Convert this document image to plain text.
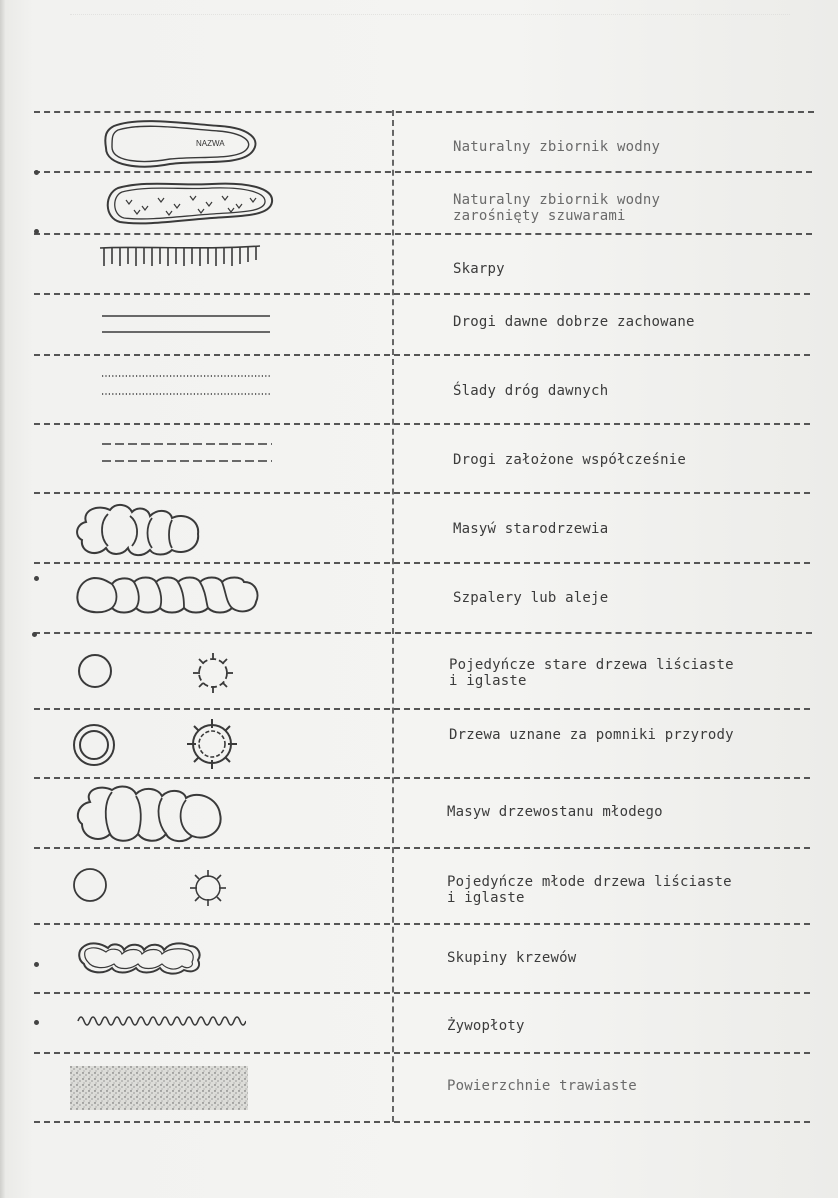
NAZWA	Naturalny zbiornik wodny
Naturalny zbiornik wodny
zarośnięty szuwarami
Skarpy
Drogi dawne dobrze zachowane
Ślady dróg dawnych
Drogi założone współcześnie
Masyẃ starodrzewia
Szpalery lub aleje
Pojedyńcze stare drzewa liściaste
i iglaste
Drzewa uznane za pomniki przyrody
Masyw drzewostanu młodego
Pojedyńcze młode drzewa liściaste
i iglaste
Skupiny krzewów
Żywopłoty
Powierzchnie trawiaste
